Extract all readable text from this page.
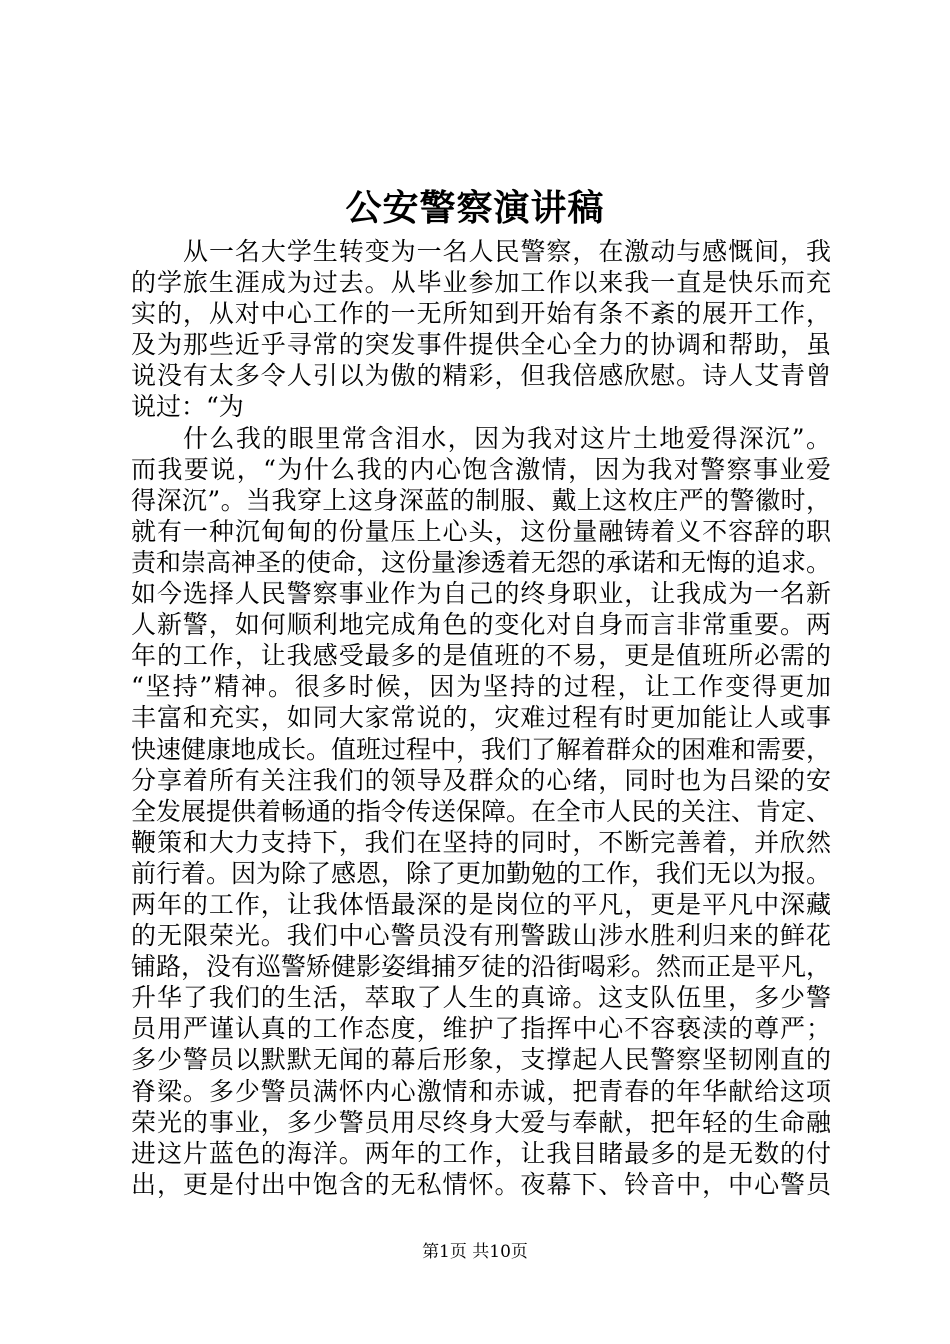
公安警察演讲稿
从一名大学生转变为一名人民警察，在激动与感慨间，我
的学旅生涯成为过去。从毕业参加工作以来我一直是快乐而充
实的，从对中心工作的一无所知到开始有条不紊的展开工作，
及为那些近乎寻常的突发事件提供全心全力的协调和帮助，虽
说没有太多令人引以为傲的精彩，但我倍感欣慰。诗人艾青曾
说过：“为
什么我的眼里常含泪水，因为我对这片土地爱得深沉”。
而我要说，“为什么我的内心饱含激情，因为我对警察事业爱
得深沉”。当我穿上这身深蓝的制服、戴上这枚庄严的警徽时，
就有一种沉甸甸的份量压上心头，这份量融铸着义不容辞的职
责和崇高神圣的使命，这份量渗透着无怨的承诺和无悔的追求。
如今选择人民警察事业作为自己的终身职业，让我成为一名新
人新警，如何顺利地完成角色的变化对自身而言非常重要。两
年的工作，让我感受最多的是值班的不易，更是值班所必需的
“坚持”精神。很多时候，因为坚持的过程，让工作变得更加
丰富和充实，如同大家常说的，灾难过程有时更加能让人或事
快速健康地成长。值班过程中，我们了解着群众的困难和需要，
分享着所有关注我们的领导及群众的心绪，同时也为吕梁的安
全发展提供着畅通的指令传送保障。在全市人民的关注、肯定、
鞭策和大力支持下，我们在坚持的同时，不断完善着，并欣然
前行着。因为除了感恩，除了更加勤勉的工作，我们无以为报。
两年的工作，让我体悟最深的是岗位的平凡，更是平凡中深藏
的无限荣光。我们中心警员没有刑警跋山涉水胜利归来的鲜花
铺路，没有巡警矫健影姿缉捕歹徒的沿街喝彩。然而正是平凡，
升华了我们的生活，萃取了人生的真谛。这支队伍里，多少警
员用严谨认真的工作态度，维护了指挥中心不容亵渎的尊严；
多少警员以默默无闻的幕后形象，支撑起人民警察坚韧刚直的
脊梁。多少警员满怀内心激情和赤诚，把青春的年华献给这项
荣光的事业，多少警员用尽终身大爱与奉献，把年轻的生命融
进这片蓝色的海洋。两年的工作，让我目睹最多的是无数的付
出，更是付出中饱含的无私情怀。夜幕下、铃音中，中心警员
第1页 共10页
